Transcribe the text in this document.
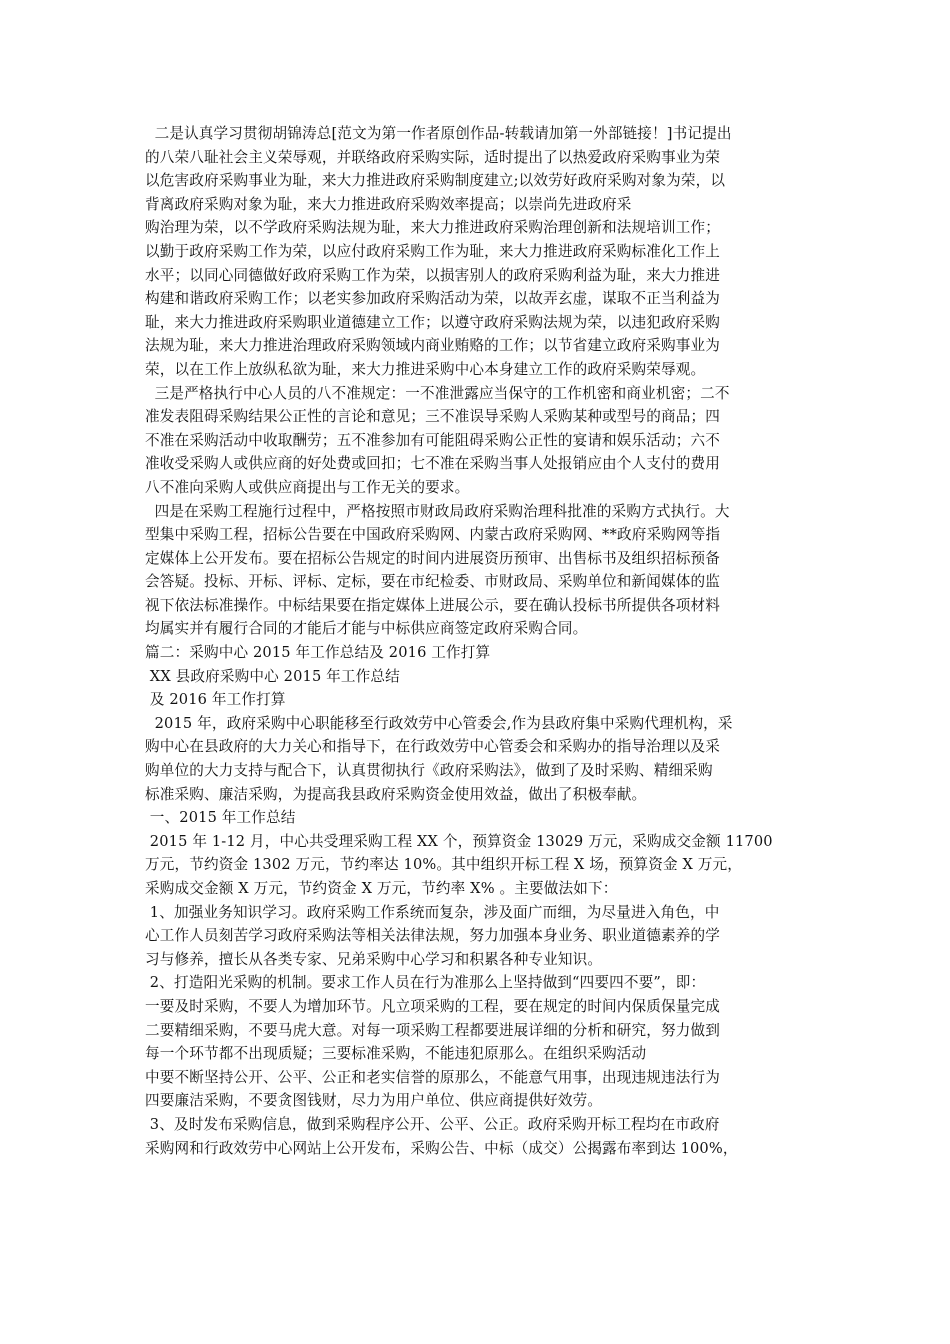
二是认真学习贯彻胡锦涛总[范文为第一作者原创作品-转载请加第一外部链接！]书记提出
的八荣八耻社会主义荣辱观，并联络政府采购实际，适时提出了以热爱政府采购事业为荣
以危害政府采购事业为耻，来大力推进政府采购制度建立;以效劳好政府采购对象为荣，以
背离政府采购对象为耻，来大力推进政府采购效率提高；以崇尚先进政府采
购治理为荣，以不学政府采购法规为耻，来大力推进政府采购治理创新和法规培训工作；
以勤于政府采购工作为荣，以应付政府采购工作为耻，来大力推进政府采购标准化工作上
水平；以同心同德做好政府采购工作为荣，以损害别人的政府采购利益为耻，来大力推进
构建和谐政府采购工作；以老实参加政府采购活动为荣，以故弄玄虚，谋取不正当利益为
耻，来大力推进政府采购职业道德建立工作；以遵守政府采购法规为荣，以违犯政府采购
法规为耻，来大力推进治理政府采购领域内商业贿赂的工作；以节省建立政府采购事业为
荣，以在工作上放纵私欲为耻，来大力推进采购中心本身建立工作的政府采购荣辱观。
三是严格执行中心人员的八不准规定：一不准泄露应当保守的工作机密和商业机密；二不
准发表阻碍采购结果公正性的言论和意见；三不准误导采购人采购某种或型号的商品；四
不准在采购活动中收取酬劳；五不准参加有可能阻碍采购公正性的宴请和娱乐活动；六不
准收受采购人或供应商的好处费或回扣；七不准在采购当事人处报销应由个人支付的费用
八不准向采购人或供应商提出与工作无关的要求。
四是在采购工程施行过程中，严格按照市财政局政府采购治理科批准的采购方式执行。大
型集中采购工程，招标公告要在中国政府采购网、内蒙古政府采购网、**政府采购网等指
定媒体上公开发布。要在招标公告规定的时间内进展资历预审、出售标书及组织招标预备
会答疑。投标、开标、评标、定标，要在市纪检委、市财政局、采购单位和新闻媒体的监
视下依法标准操作。中标结果要在指定媒体上进展公示，要在确认投标书所提供各项材料
均属实并有履行合同的才能后才能与中标供应商签定政府采购合同。
篇二：采购中心 2015 年工作总结及 2016 工作打算
XX 县政府采购中心 2015 年工作总结
及 2016 年工作打算
2015 年，政府采购中心职能移至行政效劳中心管委会,作为县政府集中采购代理机构，采
购中心在县政府的大力关心和指导下，在行政效劳中心管委会和采购办的指导治理以及采
购单位的大力支持与配合下，认真贯彻执行《政府采购法》，做到了及时采购、精细采购
标准采购、廉洁采购，为提高我县政府采购资金使用效益，做出了积极奉献。
一、2015 年工作总结
2015 年 1-12 月，中心共受理采购工程 XX 个，预算资金 13029 万元，采购成交金额 11700
万元，节约资金 1302 万元，节约率达 10%。其中组织开标工程 X 场，预算资金 X 万元，
采购成交金额 X 万元，节约资金 X 万元，节约率 X% 。主要做法如下：
1、加强业务知识学习。政府采购工作系统而复杂，涉及面广而细，为尽量进入角色，中
心工作人员刻苦学习政府采购法等相关法律法规，努力加强本身业务、职业道德素养的学
习与修养，擅长从各类专家、兄弟采购中心学习和积累各种专业知识。
2、打造阳光采购的机制。要求工作人员在行为准那么上坚持做到“四要四不要”，即：
一要及时采购，不要人为增加环节。凡立项采购的工程，要在规定的时间内保质保量完成
二要精细采购，不要马虎大意。对每一项采购工程都要进展详细的分析和研究，努力做到
每一个环节都不出现质疑；三要标准采购，不能违犯原那么。在组织采购活动
中要不断坚持公开、公平、公正和老实信誉的原那么，不能意气用事，出现违规违法行为
四要廉洁采购，不要贪图钱财，尽力为用户单位、供应商提供好效劳。
3、及时发布采购信息，做到采购程序公开、公平、公正。政府采购开标工程均在市政府
采购网和行政效劳中心网站上公开发布，采购公告、中标（成交）公揭露布率到达 100%，
